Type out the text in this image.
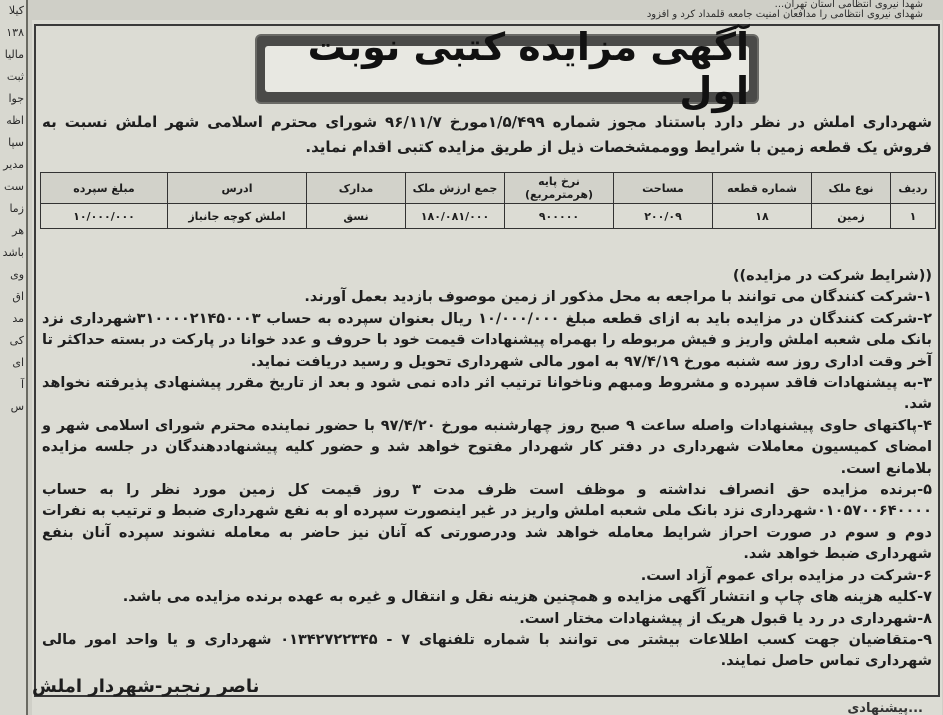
کیلا
۱۳۸
مالیا
ثبت
جوا
اظه
سپا
مدیر
ست
زما
هر
باشد
وی
اق
مد
کی
ای
آ
س
شهدا نیروی انتظامی استان تهران...
شهدای نیروی انتظامی را مدافعان امنیت جامعه قلمداد کرد و افزود
آگهی مزایده کتبی نوبت اول
شهرداری املش در نظر دارد باستناد مجوز شماره ۱/۵/۴۹۹مورخ ۹۶/۱۱/۷ شورای محترم اسلامی شهر املش نسبت به فروش یک قطعه زمین با شرایط ووممشخصات ذیل از طریق مزایده کتبی اقدام نماید.
ردیف	نوع ملک	شماره قطعه	مساحت	نرخ پایه (هرمترمربع)	جمع ارزش ملک	مدارک	ادرس	مبلغ سپرده
۱	زمین	۱۸	۲۰۰/۰۹	۹۰۰۰۰۰	۱۸۰/۰۸۱/۰۰۰	نسق	املش کوچه جانباز	۱۰/۰۰۰/۰۰۰

((شرایط شرکت در مزایده))

۱-شرکت کنندگان می توانند با مراجعه به محل مذکور از زمین موصوف بازدید بعمل آورند.

۲-شرکت کنندگان در مزایده باید به ازای قطعه مبلغ ۱۰/۰۰۰/۰۰۰ ریال بعنوان سپرده به حساب ۳۱۰۰۰۰۲۱۴۵۰۰۰۳شهرداری نزد بانک ملی شعبه املش واریز و فیش مربوطه را بهمراه پیشنهادات قیمت خود با حروف و عدد خوانا در پارکت در بسته حداکثر تا آخر وقت اداری روز سه شنبه مورخ ۹۷/۴/۱۹ به امور مالی شهرداری تحویل و رسید دریافت نماید.

۳-به پیشنهادات فاقد سپرده و مشروط ومبهم وناخوانا ترتیب اثر داده نمی شود و بعد از تاریخ مقرر پیشنهادی پذیرفته نخواهد شد.

۴-پاکتهای حاوی پیشنهادات واصله ساعت ۹ صبح روز چهارشنبه مورخ ۹۷/۴/۲۰ با حضور نماینده محترم شورای اسلامی شهر و امضای کمیسیون معاملات شهرداری در دفتر کار شهردار مفتوح خواهد شد و حضور کلیه پیشنهاددهندگان در جلسه مزایده بلامانع است.

۵-برنده مزایده حق انصراف نداشته و موظف است ظرف مدت ۳ روز قیمت کل زمین مورد نظر را به حساب ۰۱۰۵۷۰۰۶۴۰۰۰۰شهرداری نزد بانک ملی شعبه املش واریز در غیر اینصورت سپرده او به نفع شهرداری ضبط و ترتیب به نفرات دوم و سوم در صورت احراز شرایط معامله خواهد شد ودرصورتی که آنان نیز حاضر به معامله نشوند سپرده آنان بنفع شهرداری ضبط خواهد شد.

۶-شرکت در مزایده برای عموم آزاد است.

۷-کلیه هزینه های چاپ و انتشار آگهی مزایده و همچنین هزینه نقل و انتقال و غیره به عهده برنده مزایده می باشد.

۸-شهرداری در رد یا قبول هریک از پیشنهادات مختار است.

۹-متقاضیان جهت کسب اطلاعات بیشتر می توانند با شماره تلفنهای ۷ - ۰۱۳۴۲۷۲۲۳۴۵ شهرداری و یا واحد امور مالی شهرداری تماس حاصل نمایند.

ناصر رنجبر-شهردار املش
پیشنهادی...
